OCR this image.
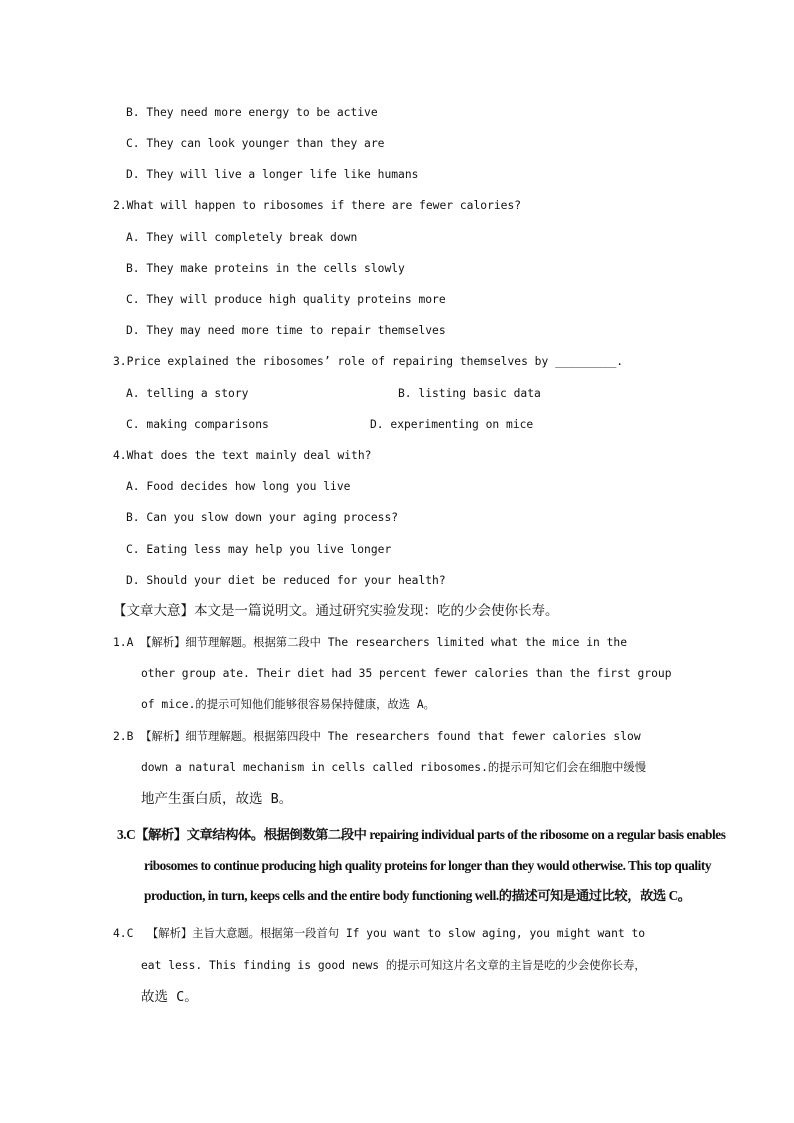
B. They need more energy to be active
C. They can look younger than they are
D. They will live a longer life like humans
2.What will happen to ribosomes if there are fewer calories?
A. They will completely break down
B. They make proteins in the cells slowly
C. They will produce high quality proteins more
D. They may need more time to repair themselves
3.Price explained the ribosomes’ role of repairing themselves by _________.
A. telling a story	B. listing basic data
C. making comparisons	D. experimenting on mice
4.What does the text mainly deal with?
A. Food decides how long you live
B. Can you slow down your aging process?
C. Eating less may help you live longer
D. Should your diet be reduced for your health?
【文章大意】本文是一篇说明文。通过研究实验发现：吃的少会使你长寿。
1.A 【解析】细节理解题。根据第二段中 The researchers limited what the mice in the
other group ate. Their diet had 35 percent fewer calories than the first group
of mice.的提示可知他们能够很容易保持健康，故选 A。
2.B 【解析】细节理解题。根据第四段中 The researchers found that fewer calories slow
down a natural mechanism in cells called ribosomes.的提示可知它们会在细胞中缓慢
地产生蛋白质，故选 B。
3.C【解析】文章结构体。根据倒数第二段中 repairing individual parts of the ribosome on a regular basis enables
ribosomes to continue producing high quality proteins for longer than they would otherwise. This top quality
production, in turn, keeps cells and the entire body functioning well.的描述可知是通过比较，故选 C。
4.C  【解析】主旨大意题。根据第一段首句 If you want to slow aging, you might want to
eat less. This finding is good news 的提示可知这片名文章的主旨是吃的少会使你长寿，
故选 C。
